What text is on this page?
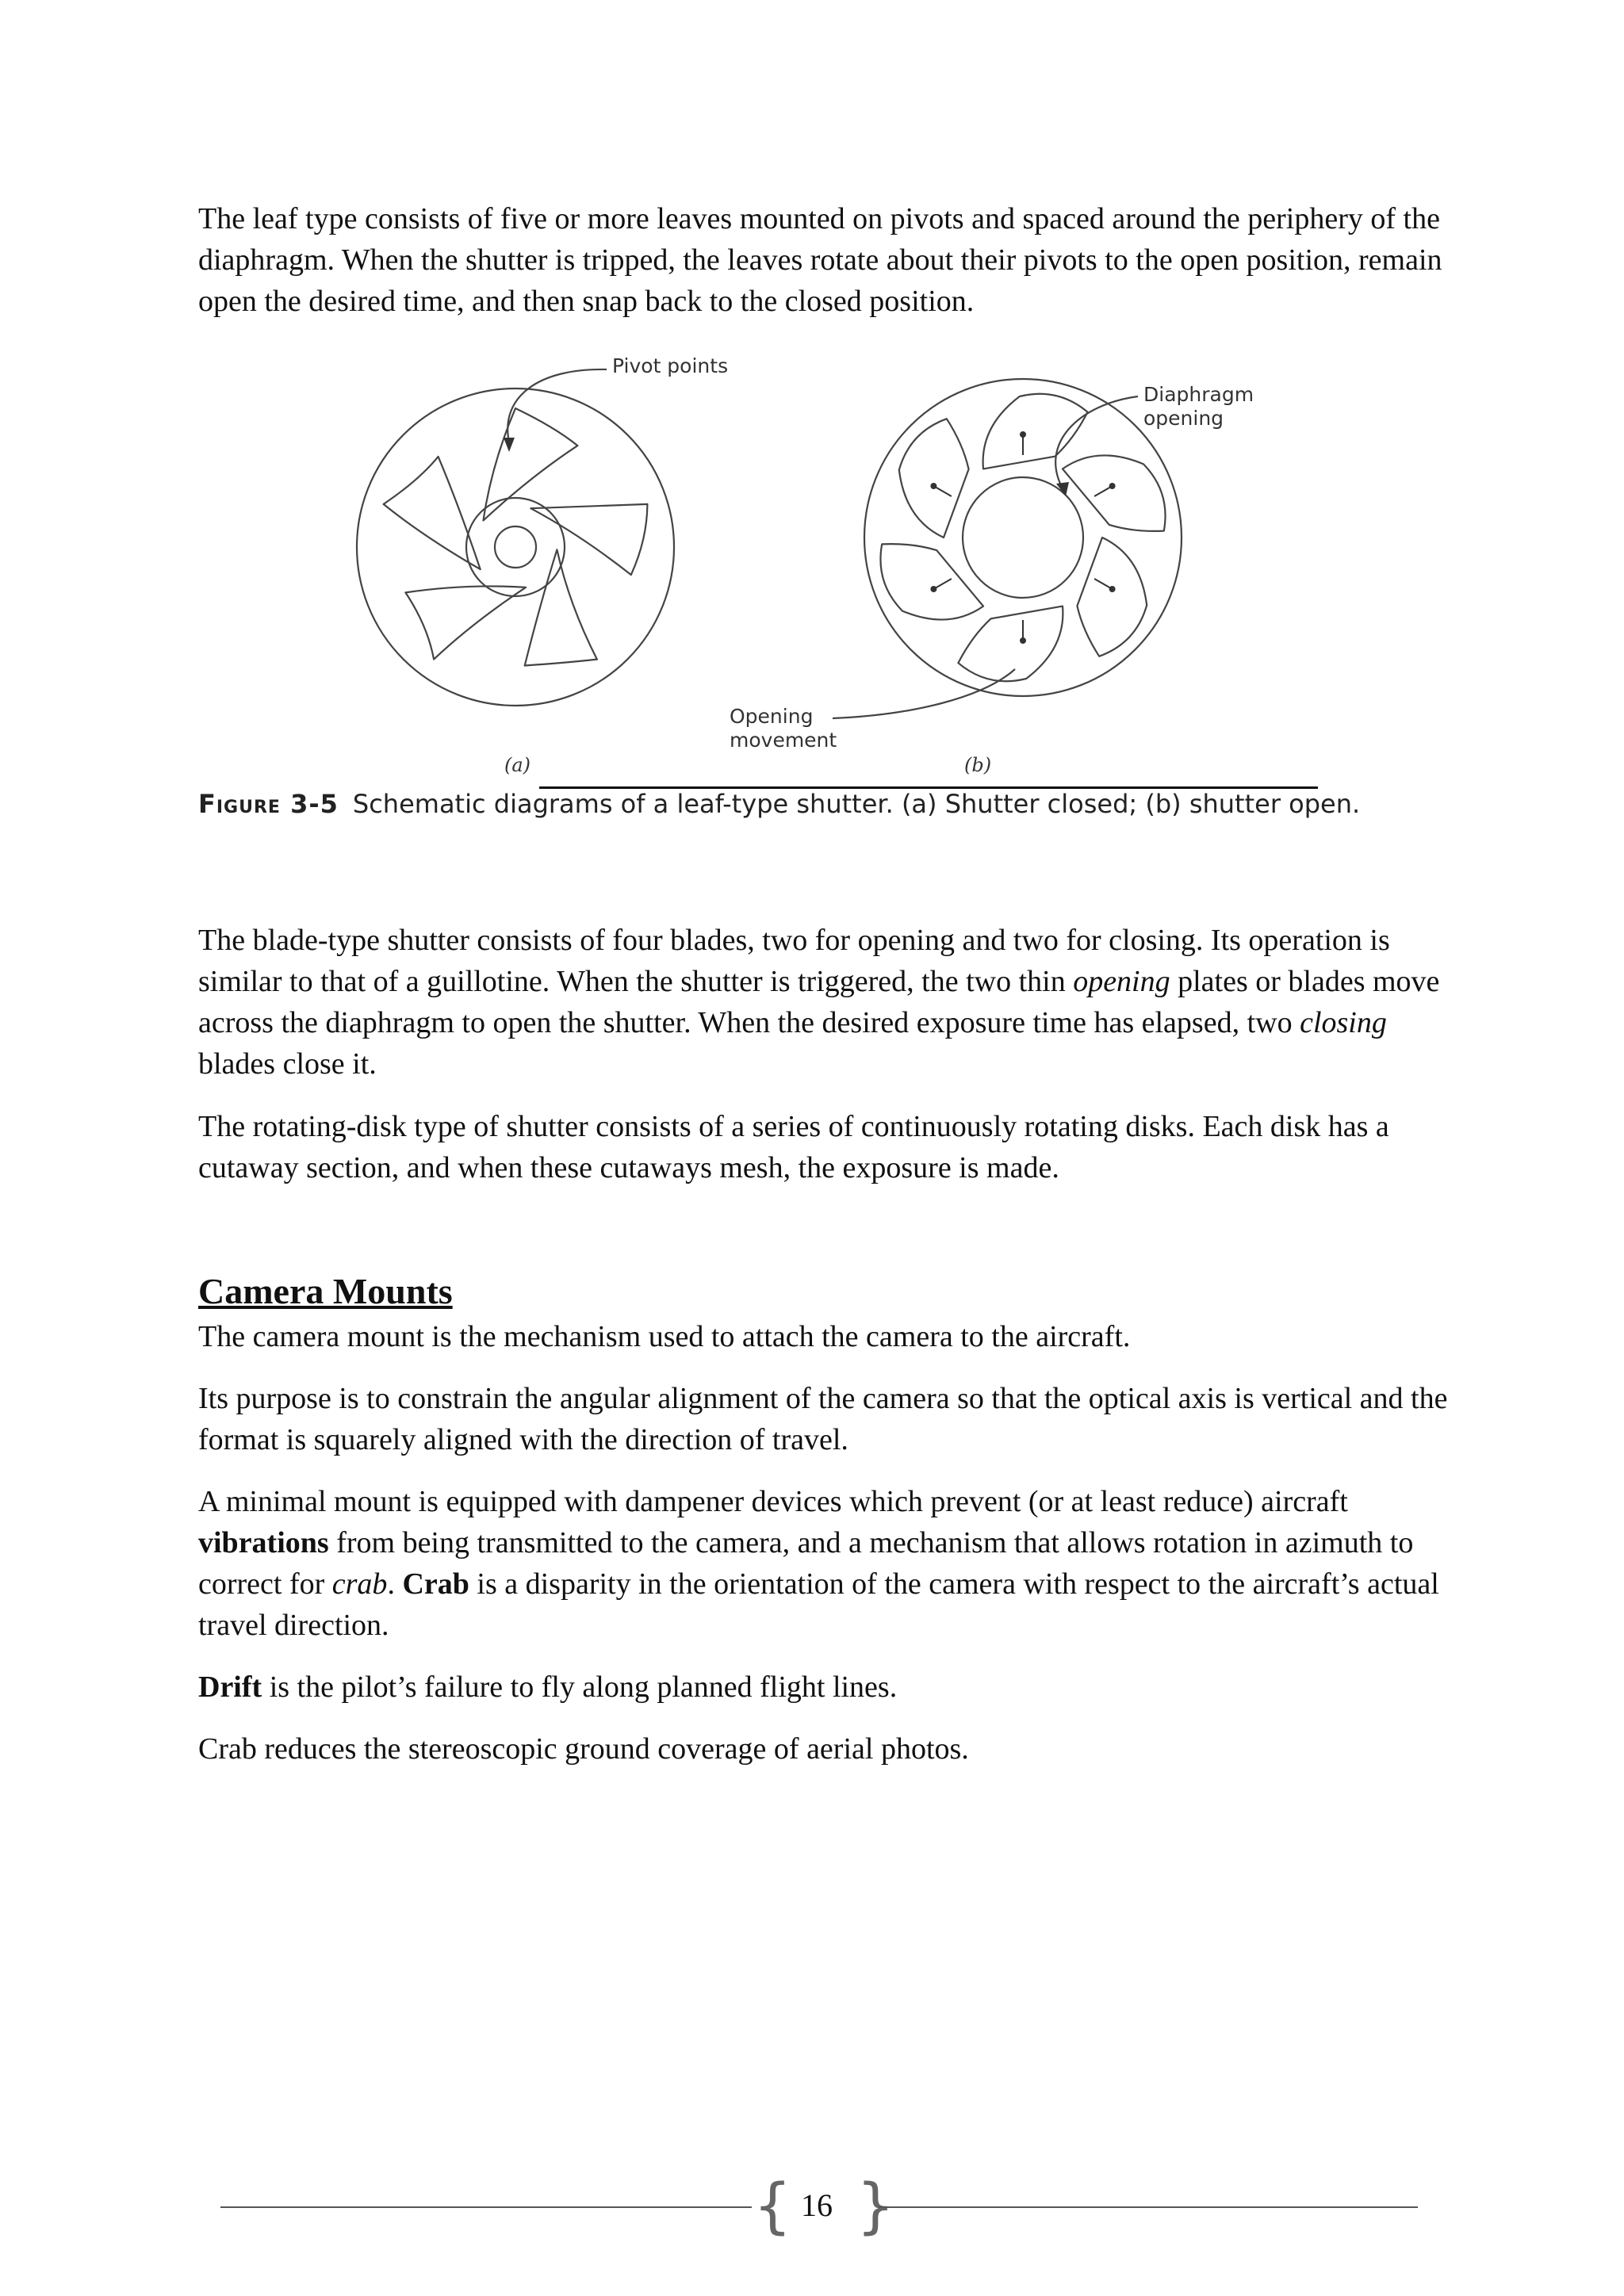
The leaf type consists of five or more leaves mounted on pivots and spaced around the periphery of the diaphragm. When the shutter is tripped, the leaves rotate about their pivots to the open position, remain open the desired time, and then snap back to the closed position.

Pivot points
Diaphragm
opening
Opening
movement
(a)	(b)
Figure 3-5 Schematic diagrams of a leaf-type shutter. (a) Shutter closed; (b) shutter open.

The blade-type shutter consists of four blades, two for opening and two for closing. Its operation is similar to that of a guillotine. When the shutter is triggered, the two thin opening plates or blades move across the diaphragm to open the shutter. When the desired exposure time has elapsed, two closing blades close it.

The rotating-disk type of shutter consists of a series of continuously rotating disks. Each disk has a cutaway section, and when these cutaways mesh, the exposure is made.

Camera Mounts

The camera mount is the mechanism used to attach the camera to the aircraft.

Its purpose is to constrain the angular alignment of the camera so that the optical axis is vertical and the format is squarely aligned with the direction of travel.

A minimal mount is equipped with dampener devices which prevent (or at least reduce) aircraft vibrations from being transmitted to the camera, and a mechanism that allows rotation in azimuth to correct for crab. Crab is a disparity in the orientation of the camera with respect to the aircraft’s actual travel direction.

Drift is the pilot’s failure to fly along planned flight lines.

Crab reduces the stereoscopic ground coverage of aerial photos.

{ 16 }
